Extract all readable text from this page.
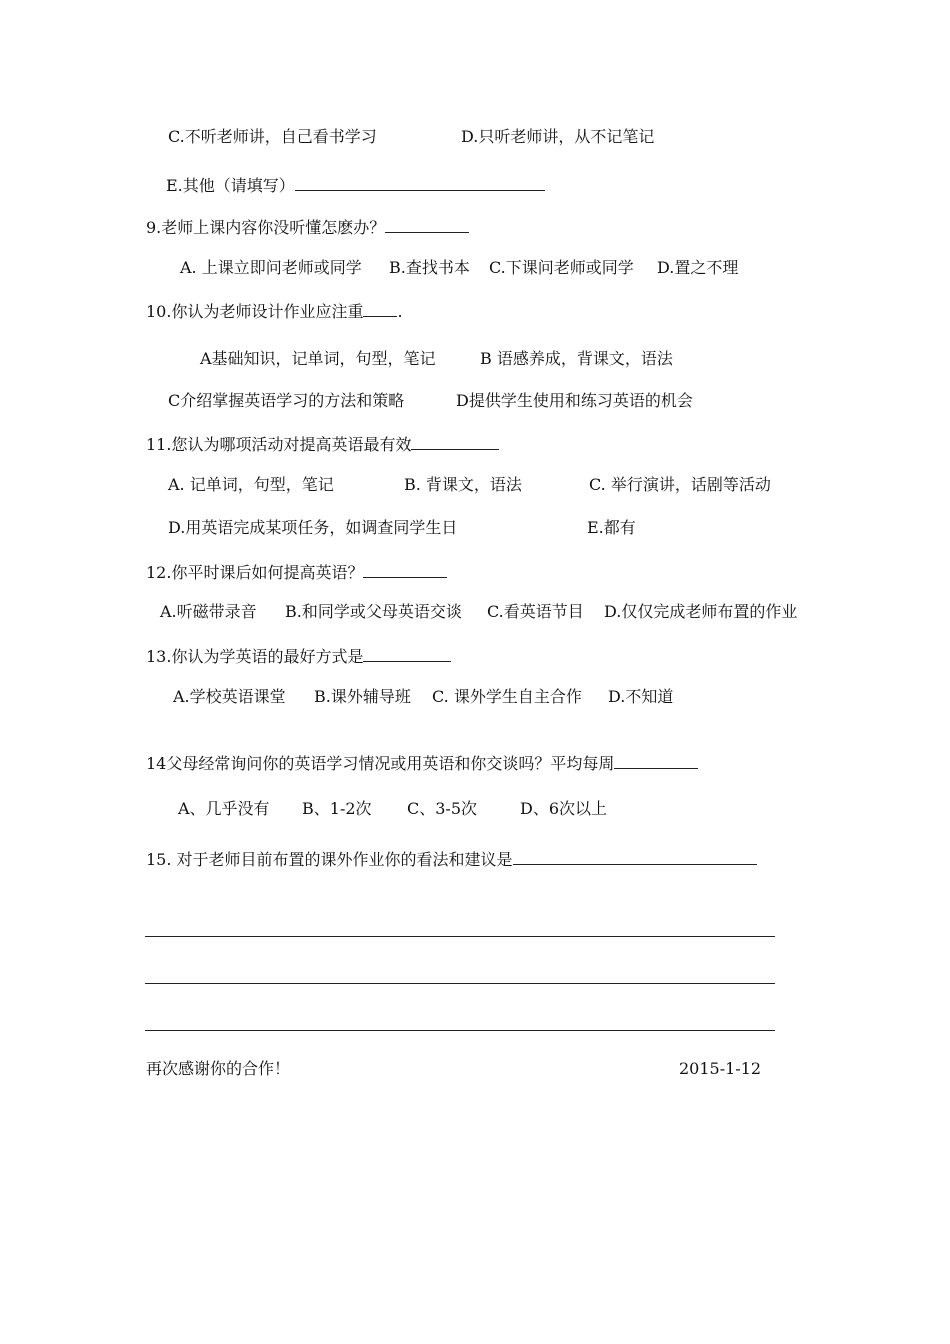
C.不听老师讲，自己看书学习	D.只听老师讲，从不记笔记
E.其他（请填写）
9.老师上课内容你没听懂怎麽办？
A. 上课立即问老师或同学 B.查找书本 C.下课问老师或同学 D.置之不理
10.你认为老师设计作业应注重 .
A基础知识，记单词，句型，笔记	B 语感养成，背课文，语法
C介绍掌握英语学习的方法和策略	D提供学生使用和练习英语的机会
11.您认为哪项活动对提高英语最有效
A. 记单词，句型，笔记	B. 背课文，语法	C. 举行演讲，话剧等活动
D.用英语完成某项任务，如调查同学生日	E.都有
12.你平时课后如何提高英语？
A.听磁带录音 B.和同学或父母英语交谈 C.看英语节目 D.仅仅完成老师布置的作业
13.你认为学英语的最好方式是
A.学校英语课堂 B.课外辅导班 C. 课外学生自主合作 D.不知道
14父母经常询问你的英语学习情况或用英语和你交谈吗？平均每周
A、几乎没有 B、1-2次 C、3-5次	D、6次以上
15. 对于老师目前布置的课外作业你的看法和建议是
再次感谢你的合作！	2015-1-12
